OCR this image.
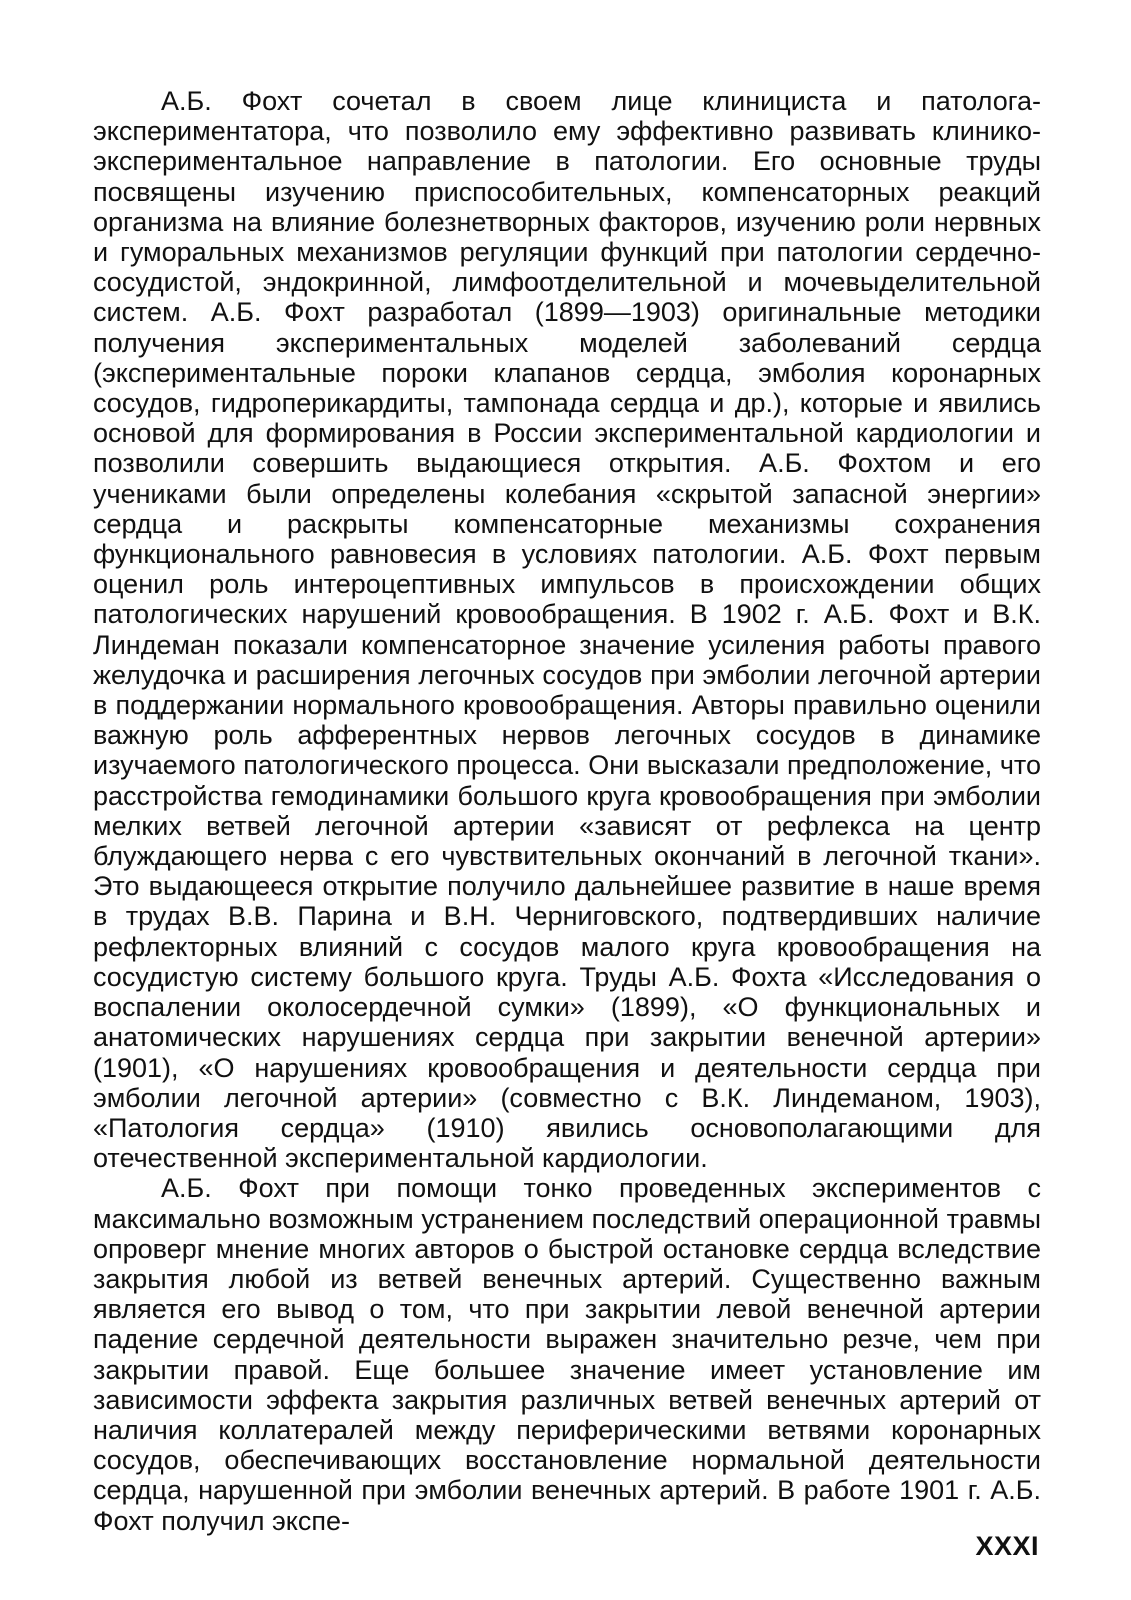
А.Б. Фохт сочетал в своем лице клинициста и патолога-экспериментатора, что позволило ему эффективно развивать клинико-экспериментальное направление в патологии. Его основные труды посвящены изучению приспособительных, компенсаторных реакций организма на влияние болезнетворных факторов, изучению роли нервных и гуморальных механизмов регуляции функций при патологии сердечно-сосудистой, эндокринной, лимфоотделительной и мочевыделительной систем. А.Б. Фохт разработал (1899—1903) оригинальные методики получения экспериментальных моделей заболеваний сердца (экспериментальные пороки клапанов сердца, эмболия коронарных сосудов, гидроперикардиты, тампонада сердца и др.), которые и явились основой для формирования в России экспериментальной кардиологии и позволили совершить выдающиеся открытия. А.Б. Фохтом и его учениками были определены колебания «скрытой запасной энергии» сердца и раскрыты компенсаторные механизмы сохранения функционального равновесия в условиях патологии. А.Б. Фохт первым оценил роль интероцептивных импульсов в происхождении общих патологических нарушений кровообращения. В 1902 г. А.Б. Фохт и В.К. Линдеман показали компенсаторное значение усиления работы правого желудочка и расширения легочных сосудов при эмболии легочной артерии в поддержании нормального кровообращения. Авторы правильно оценили важную роль афферентных нервов легочных сосудов в динамике изучаемого патологического процесса. Они высказали предположение, что расстройства гемодинамики большого круга кровообращения при эмболии мелких ветвей легочной артерии «зависят от рефлекса на центр блуждающего нерва с его чувствительных окончаний в легочной ткани». Это выдающееся открытие получило дальнейшее развитие в наше время в трудах В.В. Парина и В.Н. Черниговского, подтвердивших наличие рефлекторных влияний с сосудов малого круга кровообращения на сосудистую систему большого круга. Труды А.Б. Фохта «Исследования о воспалении околосердечной сумки» (1899), «О функциональных и анатомических нарушениях сердца при закрытии венечной артерии» (1901), «О нарушениях кровообращения и деятельности сердца при эмболии легочной артерии» (совместно с В.К. Линдеманом, 1903), «Патология сердца» (1910) явились основополагающими для отечественной экспериментальной кардиологии.

А.Б. Фохт при помощи тонко проведенных экспериментов с максимально возможным устранением последствий операционной травмы опроверг мнение многих авторов о быстрой остановке сердца вследствие закрытия любой из ветвей венечных артерий. Существенно важным является его вывод о том, что при закрытии левой венечной артерии падение сердечной деятельности выражен значительно резче, чем при закрытии правой. Еще большее значение имеет установление им зависимости эффекта закрытия различных ветвей венечных артерий от наличия коллатералей между периферическими ветвями коронарных сосудов, обеспечивающих восстановление нормальной деятельности сердца, нарушенной при эмболии венечных артерий. В работе 1901 г. А.Б. Фохт получил экспе-

XXXI
